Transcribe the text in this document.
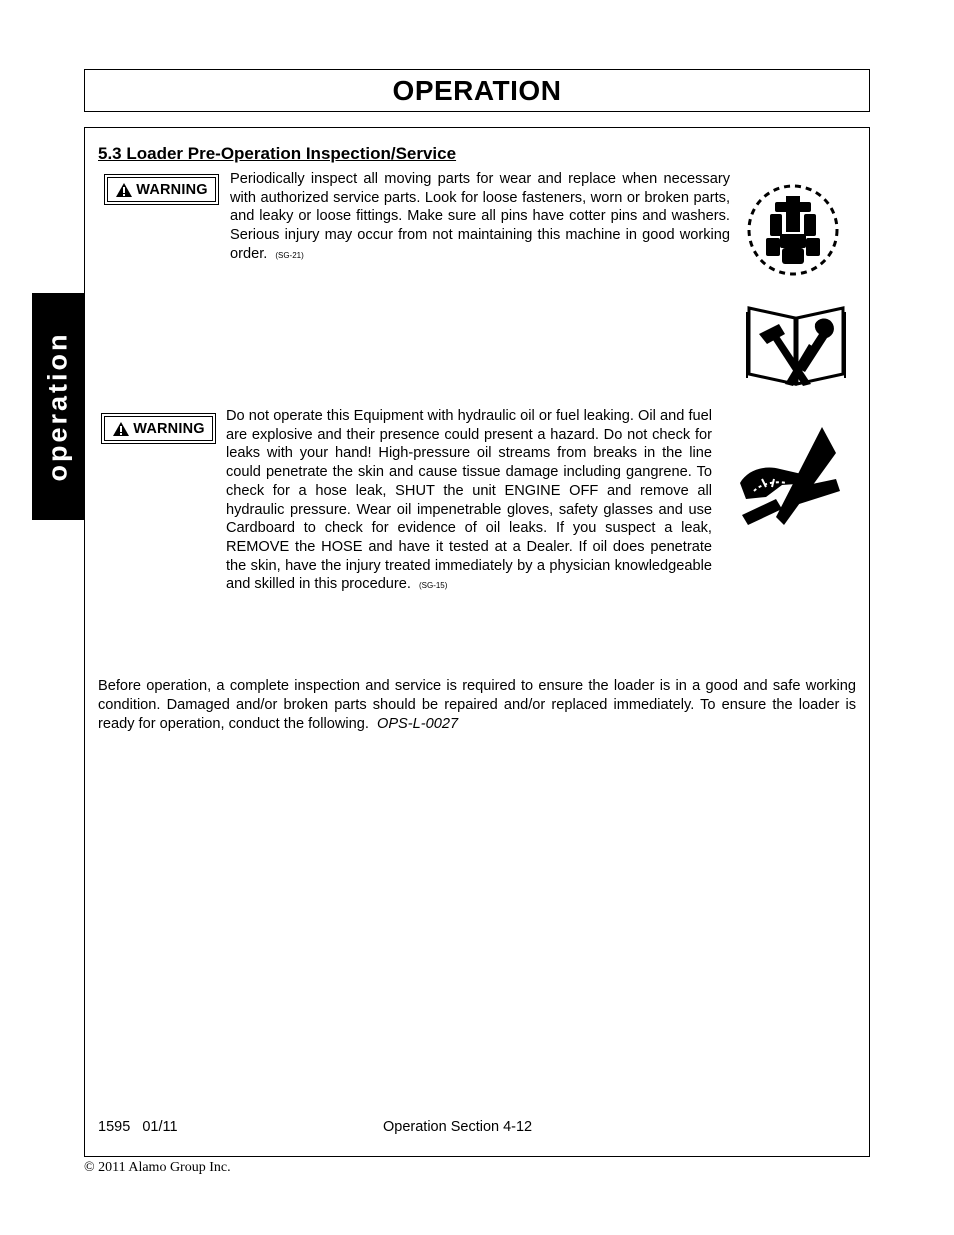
OPERATION
operation
5.3 Loader Pre-Operation Inspection/Service
WARNING
Periodically inspect all moving parts for wear and replace when necessary with authorized service parts. Look for loose fasteners, worn or broken parts, and leaky or loose fittings. Make sure all pins have cotter pins and washers. Serious injury may occur from not maintaining this machine in good working order. (SG-21)
WARNING
Do not operate this Equipment with hydraulic oil or fuel leaking. Oil and fuel are explosive and their presence could present a hazard. Do not check for leaks with your hand! High-pressure oil streams from breaks in the line could penetrate the skin and cause tissue damage including gangrene. To check for a hose leak, SHUT the unit ENGINE OFF and remove all hydraulic pressure. Wear oil impenetrable gloves, safety glasses and use Cardboard to check for evidence of oil leaks. If you suspect a leak, REMOVE the HOSE and have it tested at a Dealer. If oil does penetrate the skin, have the injury treated immediately by a physician knowledgeable and skilled in this procedure. (SG-15)
Before operation, a complete inspection and service is required to ensure the loader is in a good and safe working condition. Damaged and/or broken parts should be repaired and/or replaced immediately. To ensure the loader is ready for operation, conduct the following. OPS-L-0027
1595   01/11	Operation Section 4-12
© 2011 Alamo Group Inc.
